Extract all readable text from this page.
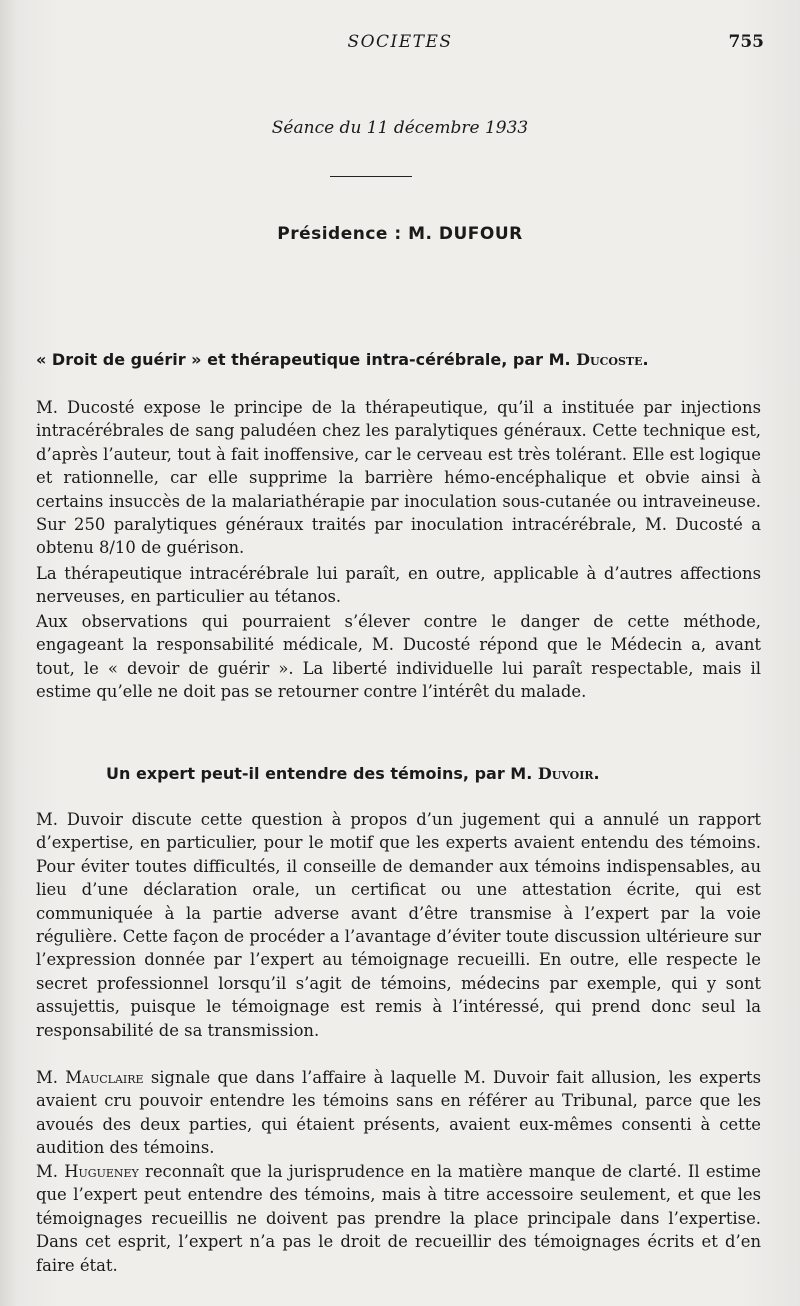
SOCIETES	755
Séance du 11 décembre 1933
Présidence : M. DUFOUR
« Droit de guérir » et thérapeutique intra-cérébrale, par M. Ducoste.

M. Ducosté expose le principe de la thérapeutique, qu’il a instituée par injections intracérébrales de sang paludéen chez les paralytiques généraux. Cette technique est, d’après l’auteur, tout à fait inoffensive, car le cerveau est très tolérant. Elle est logique et rationnelle, car elle supprime la barrière hémo-encéphalique et obvie ainsi à certains insuccès de la malariathérapie par inoculation sous-cutanée ou intraveineuse. Sur 250 paralytiques généraux traités par inoculation intracérébrale, M. Ducosté a obtenu 8/10 de guérison.

La thérapeutique intracérébrale lui paraît, en outre, applicable à d’autres affections nerveuses, en particulier au tétanos.

Aux observations qui pourraient s’élever contre le danger de cette méthode, engageant la responsabilité médicale, M. Ducosté répond que le Médecin a, avant tout, le « devoir de guérir ». La liberté individuelle lui paraît respectable, mais il estime qu’elle ne doit pas se retourner contre l’intérêt du malade.

Un expert peut-il entendre des témoins, par M. Duvoir.

M. Duvoir discute cette question à propos d’un jugement qui a annulé un rapport d’expertise, en particulier, pour le motif que les experts avaient entendu des témoins. Pour éviter toutes difficultés, il conseille de demander aux témoins indispensables, au lieu d’une déclaration orale, un certificat ou une attestation écrite, qui est communiquée à la partie adverse avant d’être transmise à l’expert par la voie régulière. Cette façon de procéder a l’avantage d’éviter toute discussion ultérieure sur l’expression donnée par l’expert au témoignage recueilli. En outre, elle respecte le secret professionnel lorsqu’il s’agit de témoins, médecins par exemple, qui y sont assujettis, puisque le témoignage est remis à l’intéressé, qui prend donc seul la responsabilité de sa transmission.

M. Mauclaire signale que dans l’affaire à laquelle M. Duvoir fait allusion, les experts avaient cru pouvoir entendre les témoins sans en référer au Tribunal, parce que les avoués des deux parties, qui étaient présents, avaient eux-mêmes consenti à cette audition des témoins.

M. Hugueney reconnaît que la jurisprudence en la matière manque de clarté. Il estime que l’expert peut entendre des témoins, mais à titre accessoire seulement, et que les témoignages recueillis ne doivent pas prendre la place principale dans l’expertise. Dans cet esprit, l’expert n’a pas le droit de recueillir des témoignages écrits et d’en faire état.
